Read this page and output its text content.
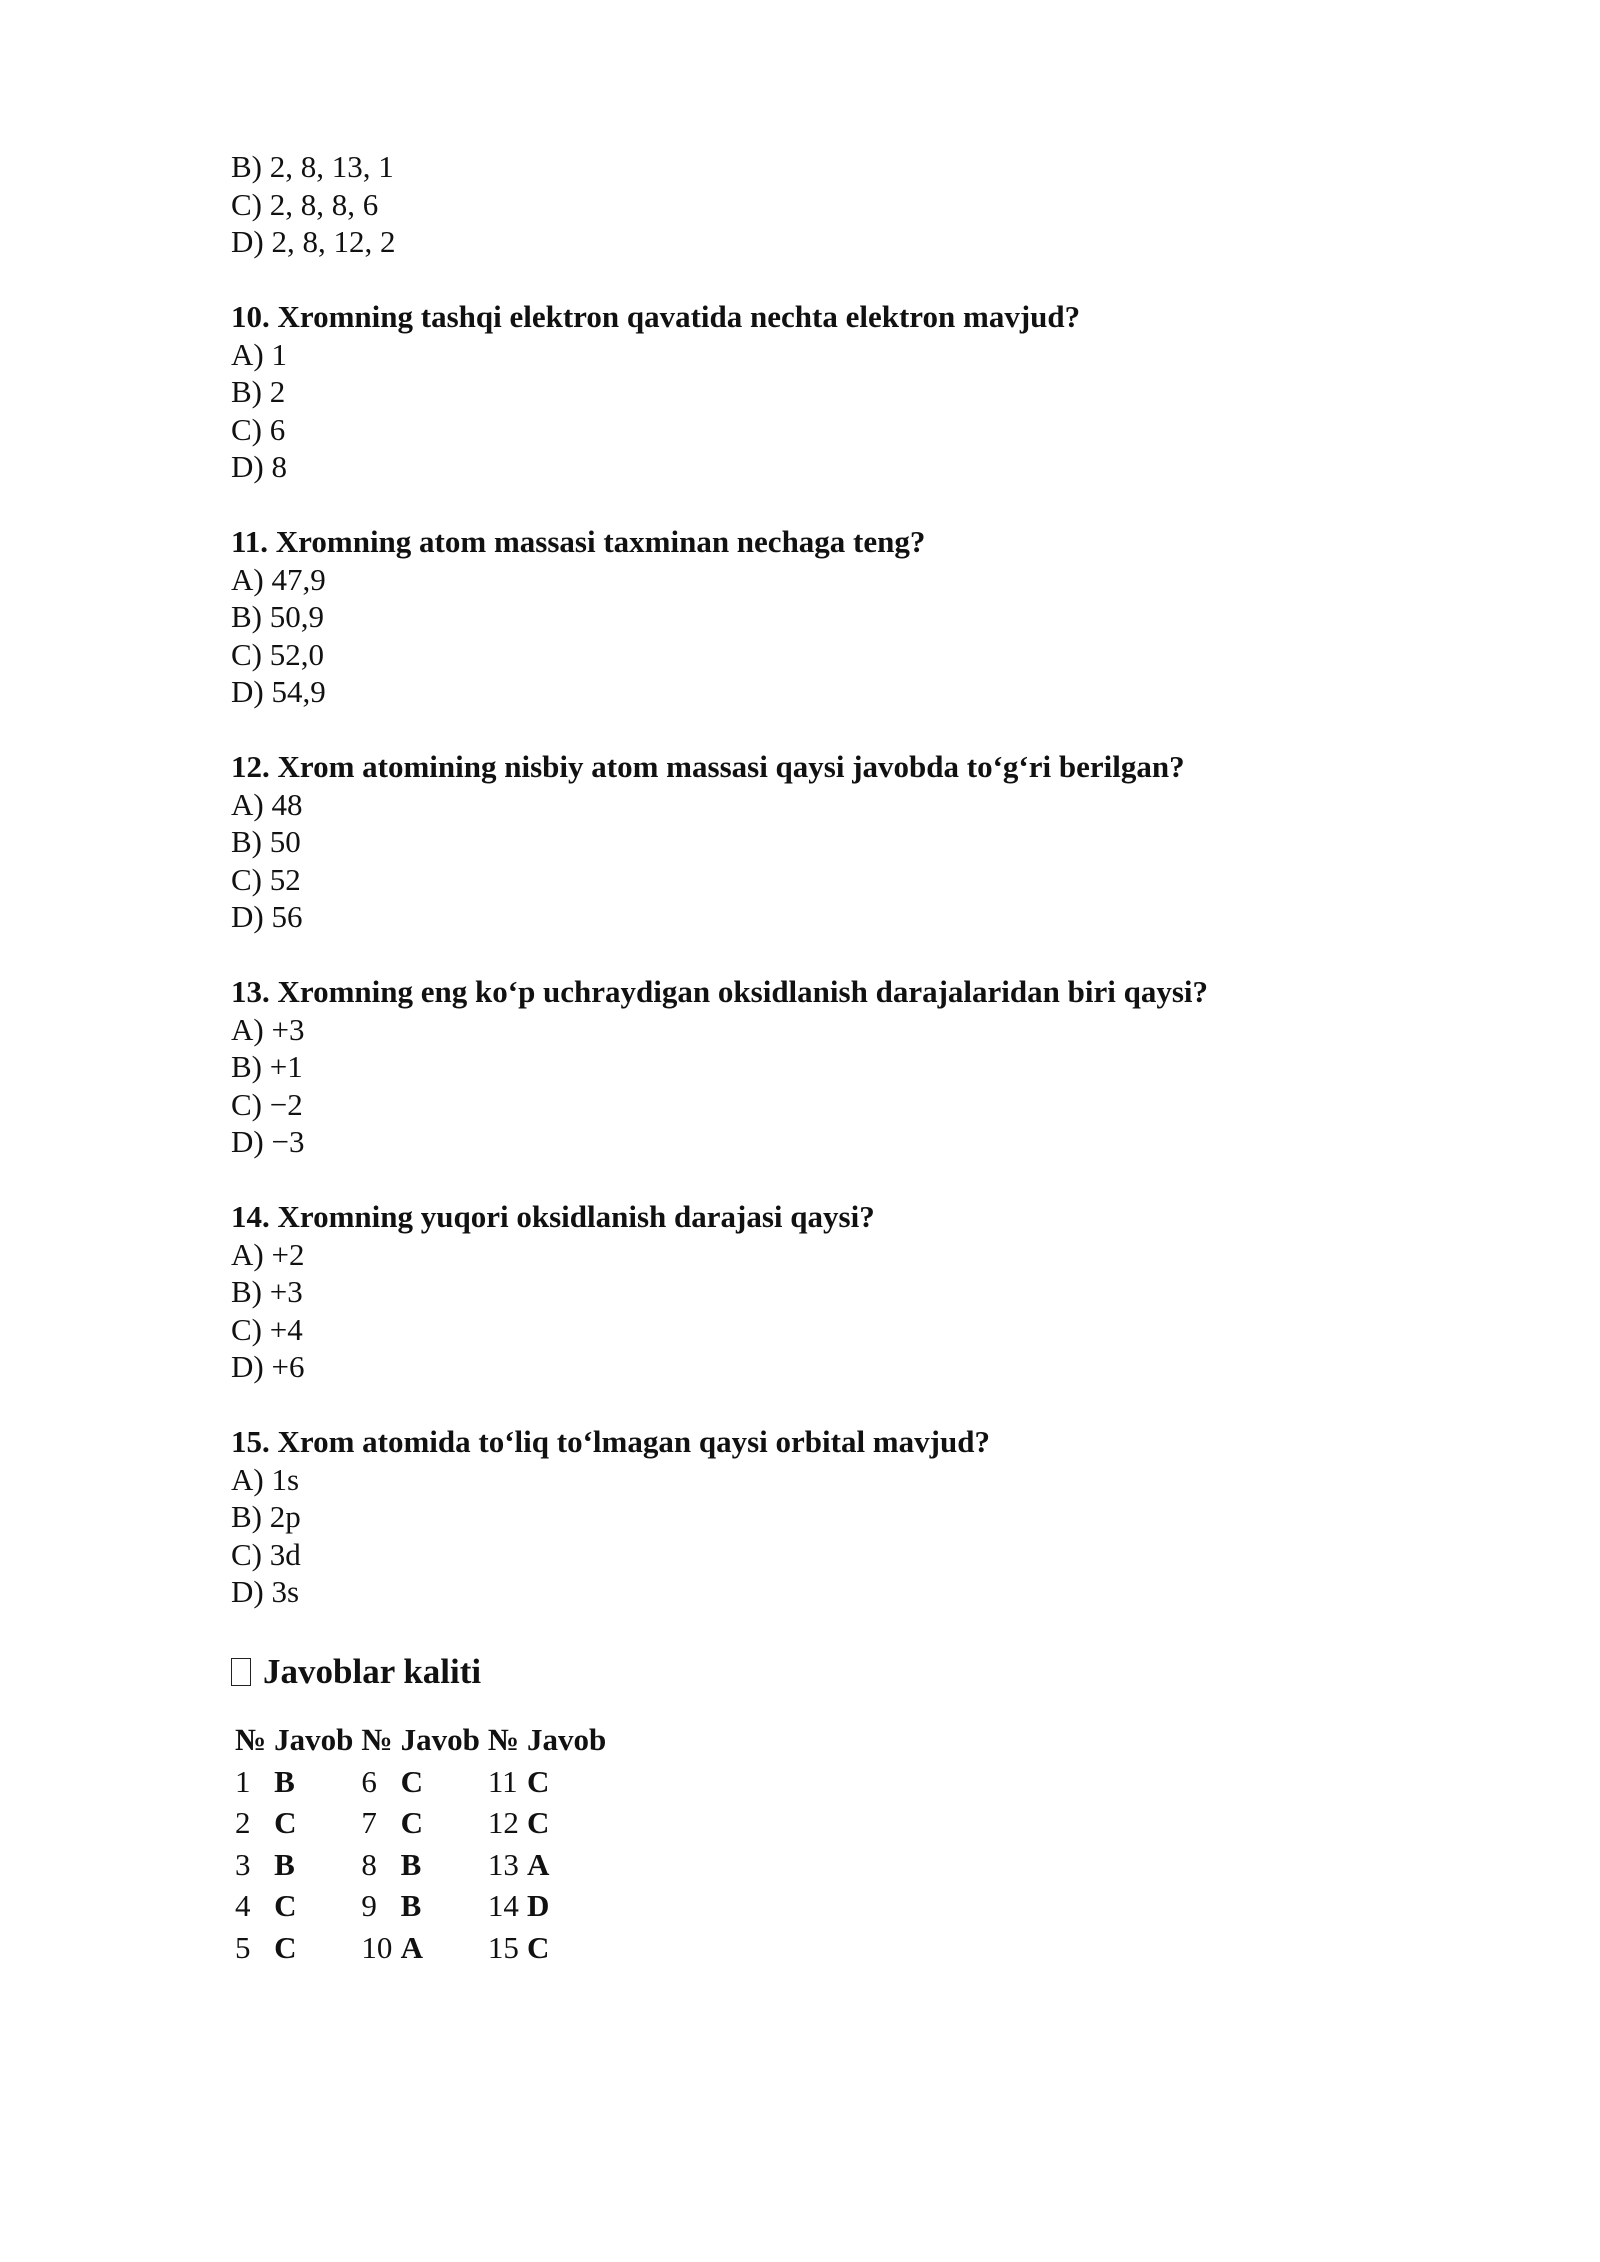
B) 2, 8, 13, 1
C) 2, 8, 8, 6
D) 2, 8, 12, 2
10. Xromning tashqi elektron qavatida nechta elektron mavjud?
A) 1
B) 2
C) 6
D) 8
11. Xromning atom massasi taxminan nechaga teng?
A) 47,9
B) 50,9
C) 52,0
D) 54,9
12. Xrom atomining nisbiy atom massasi qaysi javobda to‘g‘ri berilgan?
A) 48
B) 50
C) 52
D) 56
13. Xromning eng ko‘p uchraydigan oksidlanish darajalaridan biri qaysi?
A) +3
B) +1
C) −2
D) −3
14. Xromning yuqori oksidlanish darajasi qaysi?
A) +2
B) +3
C) +4
D) +6
15. Xrom atomida to‘liq to‘lmagan qaysi orbital mavjud?
A) 1s
B) 2p
C) 3d
D) 3s
Javoblar kaliti
№	Javob	№	Javob	№	Javob
1	B	6	C	11	C
2	C	7	C	12	C
3	B	8	B	13	A
4	C	9	B	14	D
5	C	10	A	15	C
